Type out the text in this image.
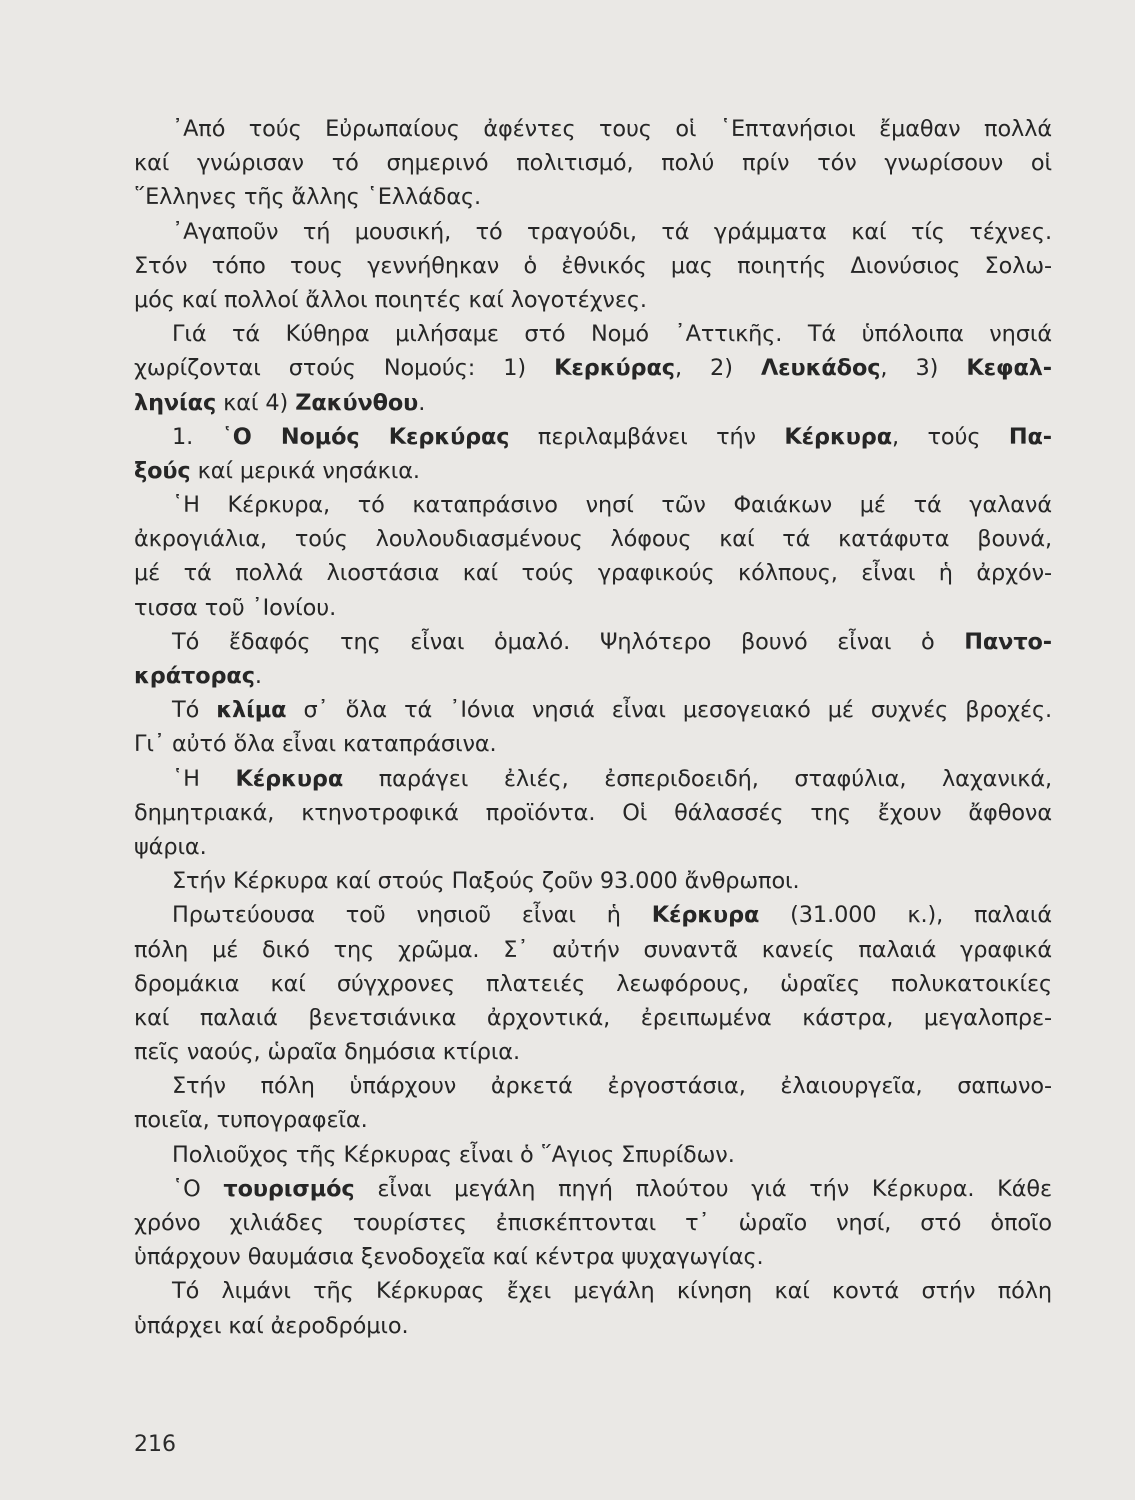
᾿Από τούς Εὐρωπαίους ἀφέντες τους οἱ ῾Επτανήσιοι ἔμαθαν πολλά
καί γνώρισαν τό σημερινό πολιτισμό, πολύ πρίν τόν γνωρίσουν οἱ
῞Ελληνες τῆς ἄλλης ῾Ελλάδας.
᾿Αγαποῦν τή μουσική, τό τραγούδι, τά γράμματα καί τίς τέχνες.
Στόν τόπο τους γεννήθηκαν ὁ ἐθνικός μας ποιητής Διονύσιος Σολω-
μός καί πολλοί ἄλλοι ποιητές καί λογοτέχνες.
Γιά τά Κύθηρα μιλήσαμε στό Νομό ᾿Αττικῆς. Τά ὑπόλοιπα νησιά
χωρίζονται στούς Νομούς: 1) Κερκύρας, 2) Λευκάδος, 3) Κεφαλ-
ληνίας καί 4) Ζακύνθου.
1. ῾Ο Νομός Κερκύρας περιλαμβάνει τήν Κέρκυρα, τούς Πα-
ξούς καί μερικά νησάκια.
῾Η Κέρκυρα, τό καταπράσινο νησί τῶν Φαιάκων μέ τά γαλανά
ἀκρογιάλια, τούς λουλουδιασμένους λόφους καί τά κατάφυτα βουνά,
μέ τά πολλά λιοστάσια καί τούς γραφικούς κόλπους, εἶναι ἡ ἀρχόν-
τισσα τοῦ ᾿Ιονίου.
Τό ἔδαφός της εἶναι ὁμαλό. Ψηλότερο βουνό εἶναι ὁ Παντο-
κράτορας.
Τό κλίμα σ᾿ ὅλα τά ᾿Ιόνια νησιά εἶναι μεσογειακό μέ συχνές βροχές.
Γι᾿ αὐτό ὅλα εἶναι καταπράσινα.
῾Η Κέρκυρα παράγει ἐλιές, ἐσπεριδοειδή, σταφύλια, λαχανικά,
δημητριακά, κτηνοτροφικά προϊόντα. Οἱ θάλασσές της ἔχουν ἄφθονα
ψάρια.
Στήν Κέρκυρα καί στούς Παξούς ζοῦν 93.000 ἄνθρωποι.
Πρωτεύουσα τοῦ νησιοῦ εἶναι ἡ Κέρκυρα (31.000 κ.), παλαιά
πόλη μέ δικό της χρῶμα. Σ᾿ αὐτήν συναντᾶ κανείς παλαιά γραφικά
δρομάκια καί σύγχρονες πλατειές λεωφόρους, ὡραῖες πολυκατοικίες
καί παλαιά βενετσιάνικα ἀρχοντικά, ἐρειπωμένα κάστρα, μεγαλοπρε-
πεῖς ναούς, ὡραῖα δημόσια κτίρια.
Στήν πόλη ὑπάρχουν ἀρκετά ἐργοστάσια, ἐλαιουργεῖα, σαπωνο-
ποιεῖα, τυπογραφεῖα.
Πολιοῦχος τῆς Κέρκυρας εἶναι ὁ ῞Αγιος Σπυρίδων.
῾Ο τουρισμός εἶναι μεγάλη πηγή πλούτου γιά τήν Κέρκυρα. Κάθε
χρόνο χιλιάδες τουρίστες ἐπισκέπτονται τ᾿ ὡραῖο νησί, στό ὁποῖο
ὑπάρχουν θαυμάσια ξενοδοχεῖα καί κέντρα ψυχαγωγίας.
Τό λιμάνι τῆς Κέρκυρας ἔχει μεγάλη κίνηση καί κοντά στήν πόλη
ὑπάρχει καί ἀεροδρόμιο.
216
